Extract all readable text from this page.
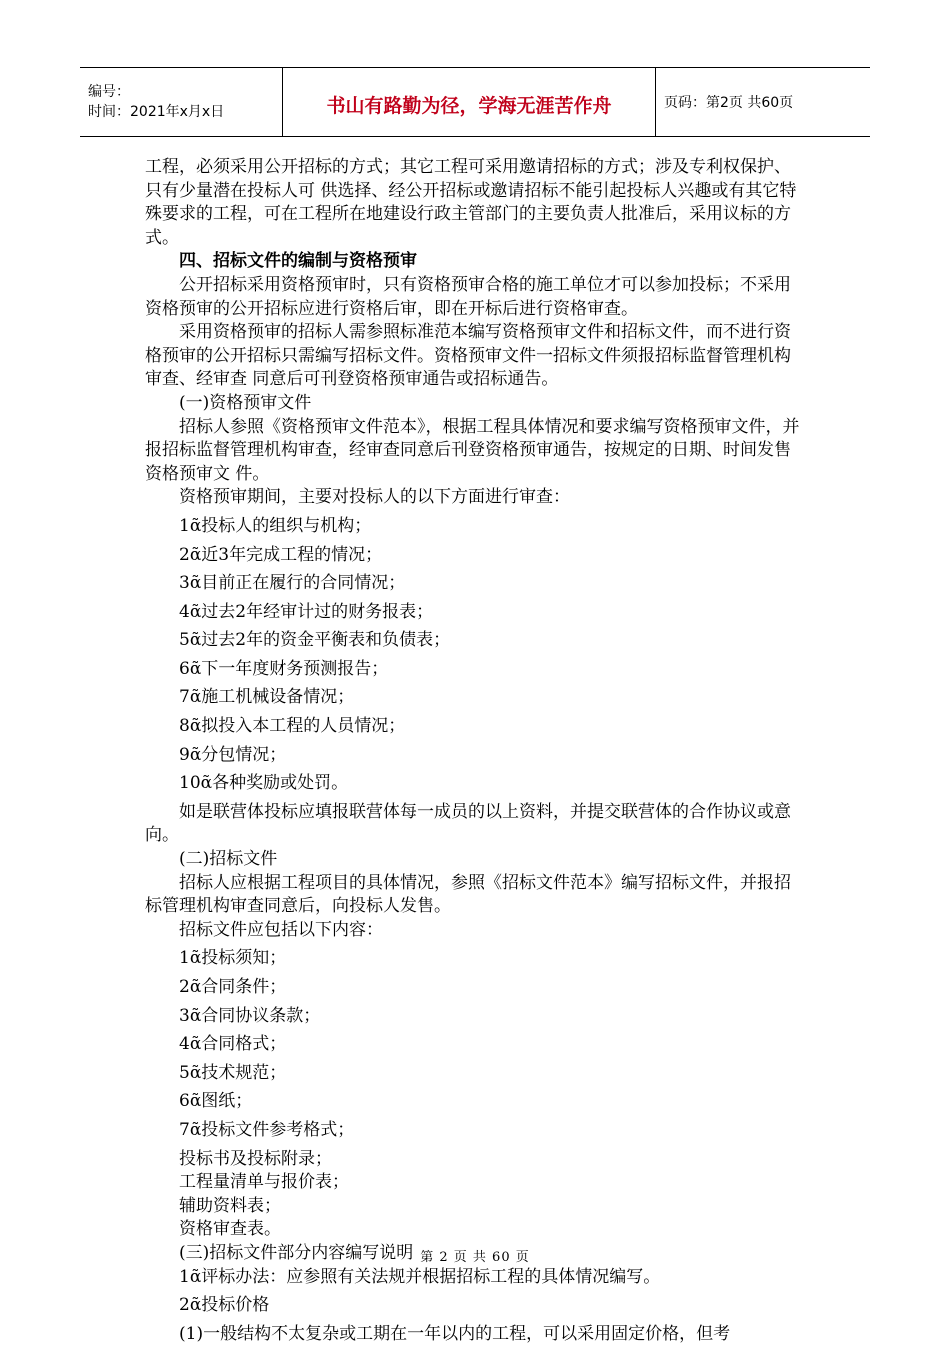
编号：
时间：2021年x月x日	书山有路勤为径，学海无涯苦作舟	页码：第2页 共60页

工程，必须采用公开招标的方式；其它工程可采用邀请招标的方式；涉及专利权保护、只有少量潜在投标人可 供选择、经公开招标或邀请招标不能引起投标人兴趣或有其它特殊要求的工程，可在工程所在地建设行政主管部门的主要负责人批准后，采用议标的方式。

四、招标文件的编制与资格预审

公开招标采用资格预审时，只有资格预审合格的施工单位才可以参加投标；不采用资格预审的公开招标应进行资格后审，即在开标后进行资格审查。

采用资格预审的招标人需参照标准范本编写资格预审文件和招标文件，而不进行资格预审的公开招标只需编写招标文件。资格预审文件一招标文件须报招标监督管理机构审查、经审查 同意后可刊登资格预审通告或招标通告。

(一)资格预审文件

招标人参照《资格预审文件范本》，根据工程具体情况和要求编写资格预审文件，并报招标监督管理机构审查，经审查同意后刊登资格预审通告，按规定的日期、时间发售资格预审文 件。

资格预审期间，主要对投标人的以下方面进行审查：

1ᾶ投标人的组织与机构；

2ᾶ近3年完成工程的情况；

3ᾶ目前正在履行的合同情况；

4ᾶ过去2年经审计过的财务报表；

5ᾶ过去2年的资金平衡表和负债表；

6ᾶ下一年度财务预测报告；

7ᾶ施工机械设备情况；

8ᾶ拟投入本工程的人员情况；

9ᾶ分包情况；

10ᾶ各种奖励或处罚。

如是联营体投标应填报联营体每一成员的以上资料，并提交联营体的合作协议或意向。

(二)招标文件

招标人应根据工程项目的具体情况，参照《招标文件范本》编写招标文件，并报招标管理机构审查同意后，向投标人发售。

招标文件应包括以下内容：

1ᾶ投标须知；

2ᾶ合同条件；

3ᾶ合同协议条款；

4ᾶ合同格式；

5ᾶ技术规范；

6ᾶ图纸；

7ᾶ投标文件参考格式；

投标书及投标附录；

工程量清单与报价表；

辅助资料表；

资格审查表。

(三)招标文件部分内容编写说明

1ᾶ评标办法：应参照有关法规并根据招标工程的具体情况编写。

2ᾶ投标价格

(1)一般结构不太复杂或工期在一年以内的工程，可以采用固定价格，但考

第 2 页 共 60 页
